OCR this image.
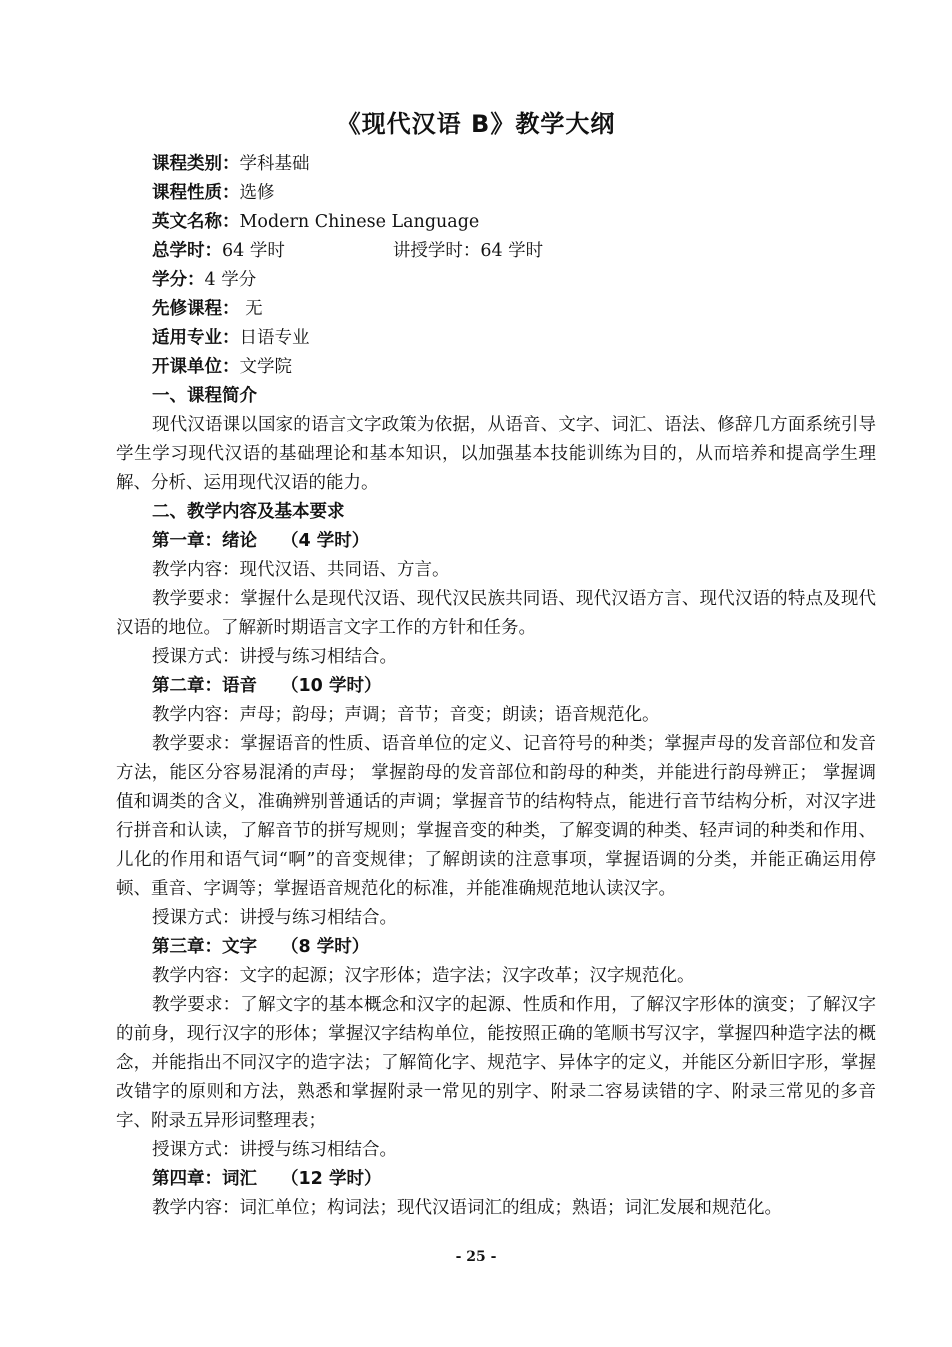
《现代汉语 B》教学大纲
课程类别：学科基础
课程性质：选修
英文名称：Modern Chinese Language
总学时：64 学时	讲授学时：64 学时
学分：4 学分
先修课程： 无
适用专业：日语专业
开课单位：文学院
一、课程简介
现代汉语课以国家的语言文字政策为依据，从语音、文字、词汇、语法、修辞几方面系统引导学生学习现代汉语的基础理论和基本知识，以加强基本技能训练为目的，从而培养和提高学生理解、分析、运用现代汉语的能力。
二、教学内容及基本要求
第一章：绪论 （4 学时）
教学内容：现代汉语、共同语、方言。
教学要求：掌握什么是现代汉语、现代汉民族共同语、现代汉语方言、现代汉语的特点及现代汉语的地位。了解新时期语言文字工作的方针和任务。
授课方式：讲授与练习相结合。
第二章：语音 （10 学时）
教学内容：声母；韵母；声调；音节；音变；朗读；语音规范化。
教学要求：掌握语音的性质、语音单位的定义、记音符号的种类；掌握声母的发音部位和发音方法，能区分容易混淆的声母； 掌握韵母的发音部位和韵母的种类，并能进行韵母辨正； 掌握调值和调类的含义，准确辨别普通话的声调；掌握音节的结构特点，能进行音节结构分析，对汉字进行拼音和认读，了解音节的拼写规则；掌握音变的种类，了解变调的种类、轻声词的种类和作用、儿化的作用和语气词“啊”的音变规律；了解朗读的注意事项，掌握语调的分类，并能正确运用停顿、重音、字调等；掌握语音规范化的标准，并能准确规范地认读汉字。
授课方式：讲授与练习相结合。
第三章：文字 （8 学时）
教学内容：文字的起源；汉字形体；造字法；汉字改革；汉字规范化。
教学要求：了解文字的基本概念和汉字的起源、性质和作用，了解汉字形体的演变；了解汉字的前身，现行汉字的形体；掌握汉字结构单位，能按照正确的笔顺书写汉字，掌握四种造字法的概念，并能指出不同汉字的造字法；了解简化字、规范字、异体字的定义，并能区分新旧字形，掌握改错字的原则和方法，熟悉和掌握附录一常见的别字、附录二容易读错的字、附录三常见的多音字、附录五异形词整理表；
授课方式：讲授与练习相结合。
第四章：词汇 （12 学时）
教学内容：词汇单位；构词法；现代汉语词汇的组成；熟语；词汇发展和规范化。
- 25 -
